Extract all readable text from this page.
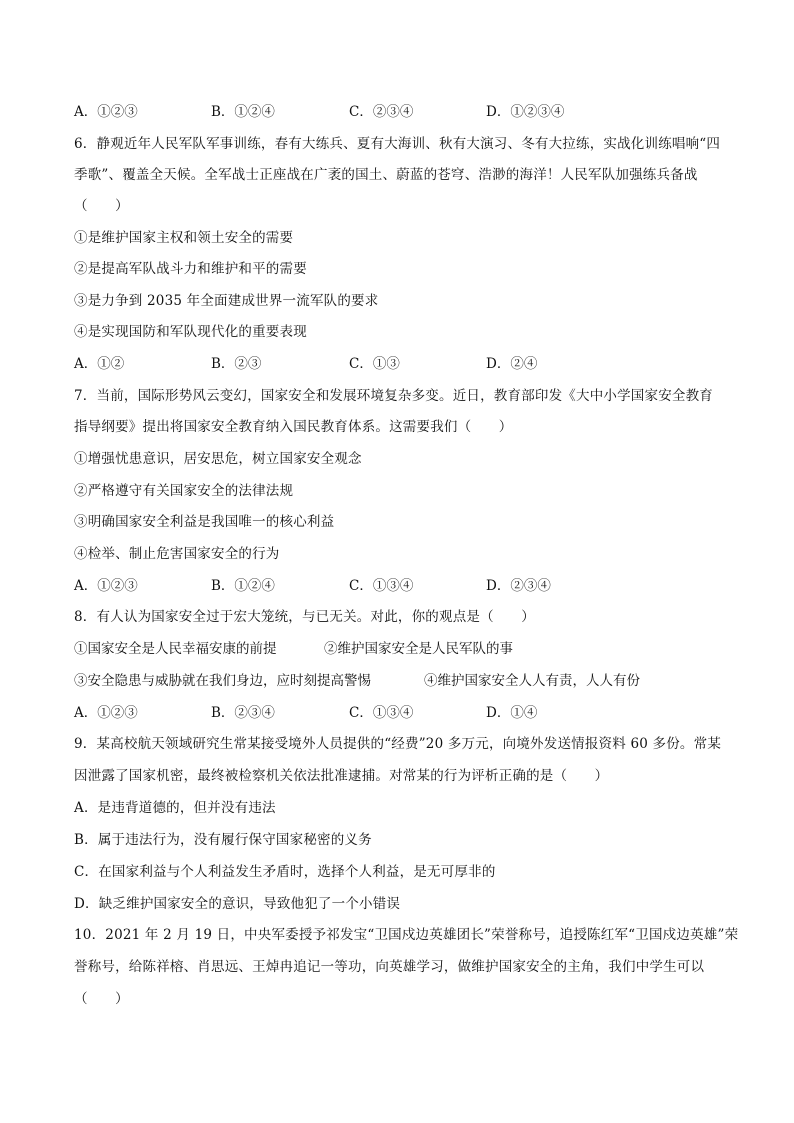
A．①②③	B．①②④	C．②③④	D．①②③④
6．静观近年人民军队军事训练，春有大练兵、夏有大海训、秋有大演习、冬有大拉练，实战化训练唱响“四
季歌”、覆盖全天候。全军战士正座战在广袤的国土、蔚蓝的苍穹、浩渺的海洋！人民军队加强练兵备战
（　　）
①是维护国家主权和领土安全的需要
②是提高军队战斗力和维护和平的需要
③是力争到 2035 年全面建成世界一流军队的要求
④是实现国防和军队现代化的重要表现
A．①②	B．②③	C．①③	D．②④
7．当前，国际形势风云变幻，国家安全和发展环境复杂多变。近日，教育部印发《大中小学国家安全教育
指导纲要》提出将国家安全教育纳入国民教育体系。这需要我们（　　）
①增强忧患意识，居安思危，树立国家安全观念
②严格遵守有关国家安全的法律法规
③明确国家安全利益是我国唯一的核心利益
④检举、制止危害国家安全的行为
A．①②③	B．①②④	C．①③④	D．②③④
8．有人认为国家安全过于宏大笼统，与已无关。对此，你的观点是（　　）
①国家安全是人民幸福安康的前提	②维护国家安全是人民军队的事
③安全隐患与威胁就在我们身边，应时刻提高警惕	④维护国家安全人人有责，人人有份
A．①②③	B．②③④	C．①③④	D．①④
9．某高校航天领域研究生常某接受境外人员提供的“经费”20 多万元，向境外发送情报资料 60 多份。常某
因泄露了国家机密，最终被检察机关依法批准逮捕。对常某的行为评析正确的是（　　）
A．是违背道德的，但并没有违法
B．属于违法行为，没有履行保守国家秘密的义务
C．在国家利益与个人利益发生矛盾时，选择个人利益，是无可厚非的
D．缺乏维护国家安全的意识，导致他犯了一个小错误
10．2021 年 2 月 19 日，中央军委授予祁发宝“卫国戍边英雄团长”荣誉称号，追授陈红军“卫国戍边英雄”荣
誉称号，给陈祥榕、肖思远、王焯冉追记一等功，向英雄学习，做维护国家安全的主角，我们中学生可以
（　　）
